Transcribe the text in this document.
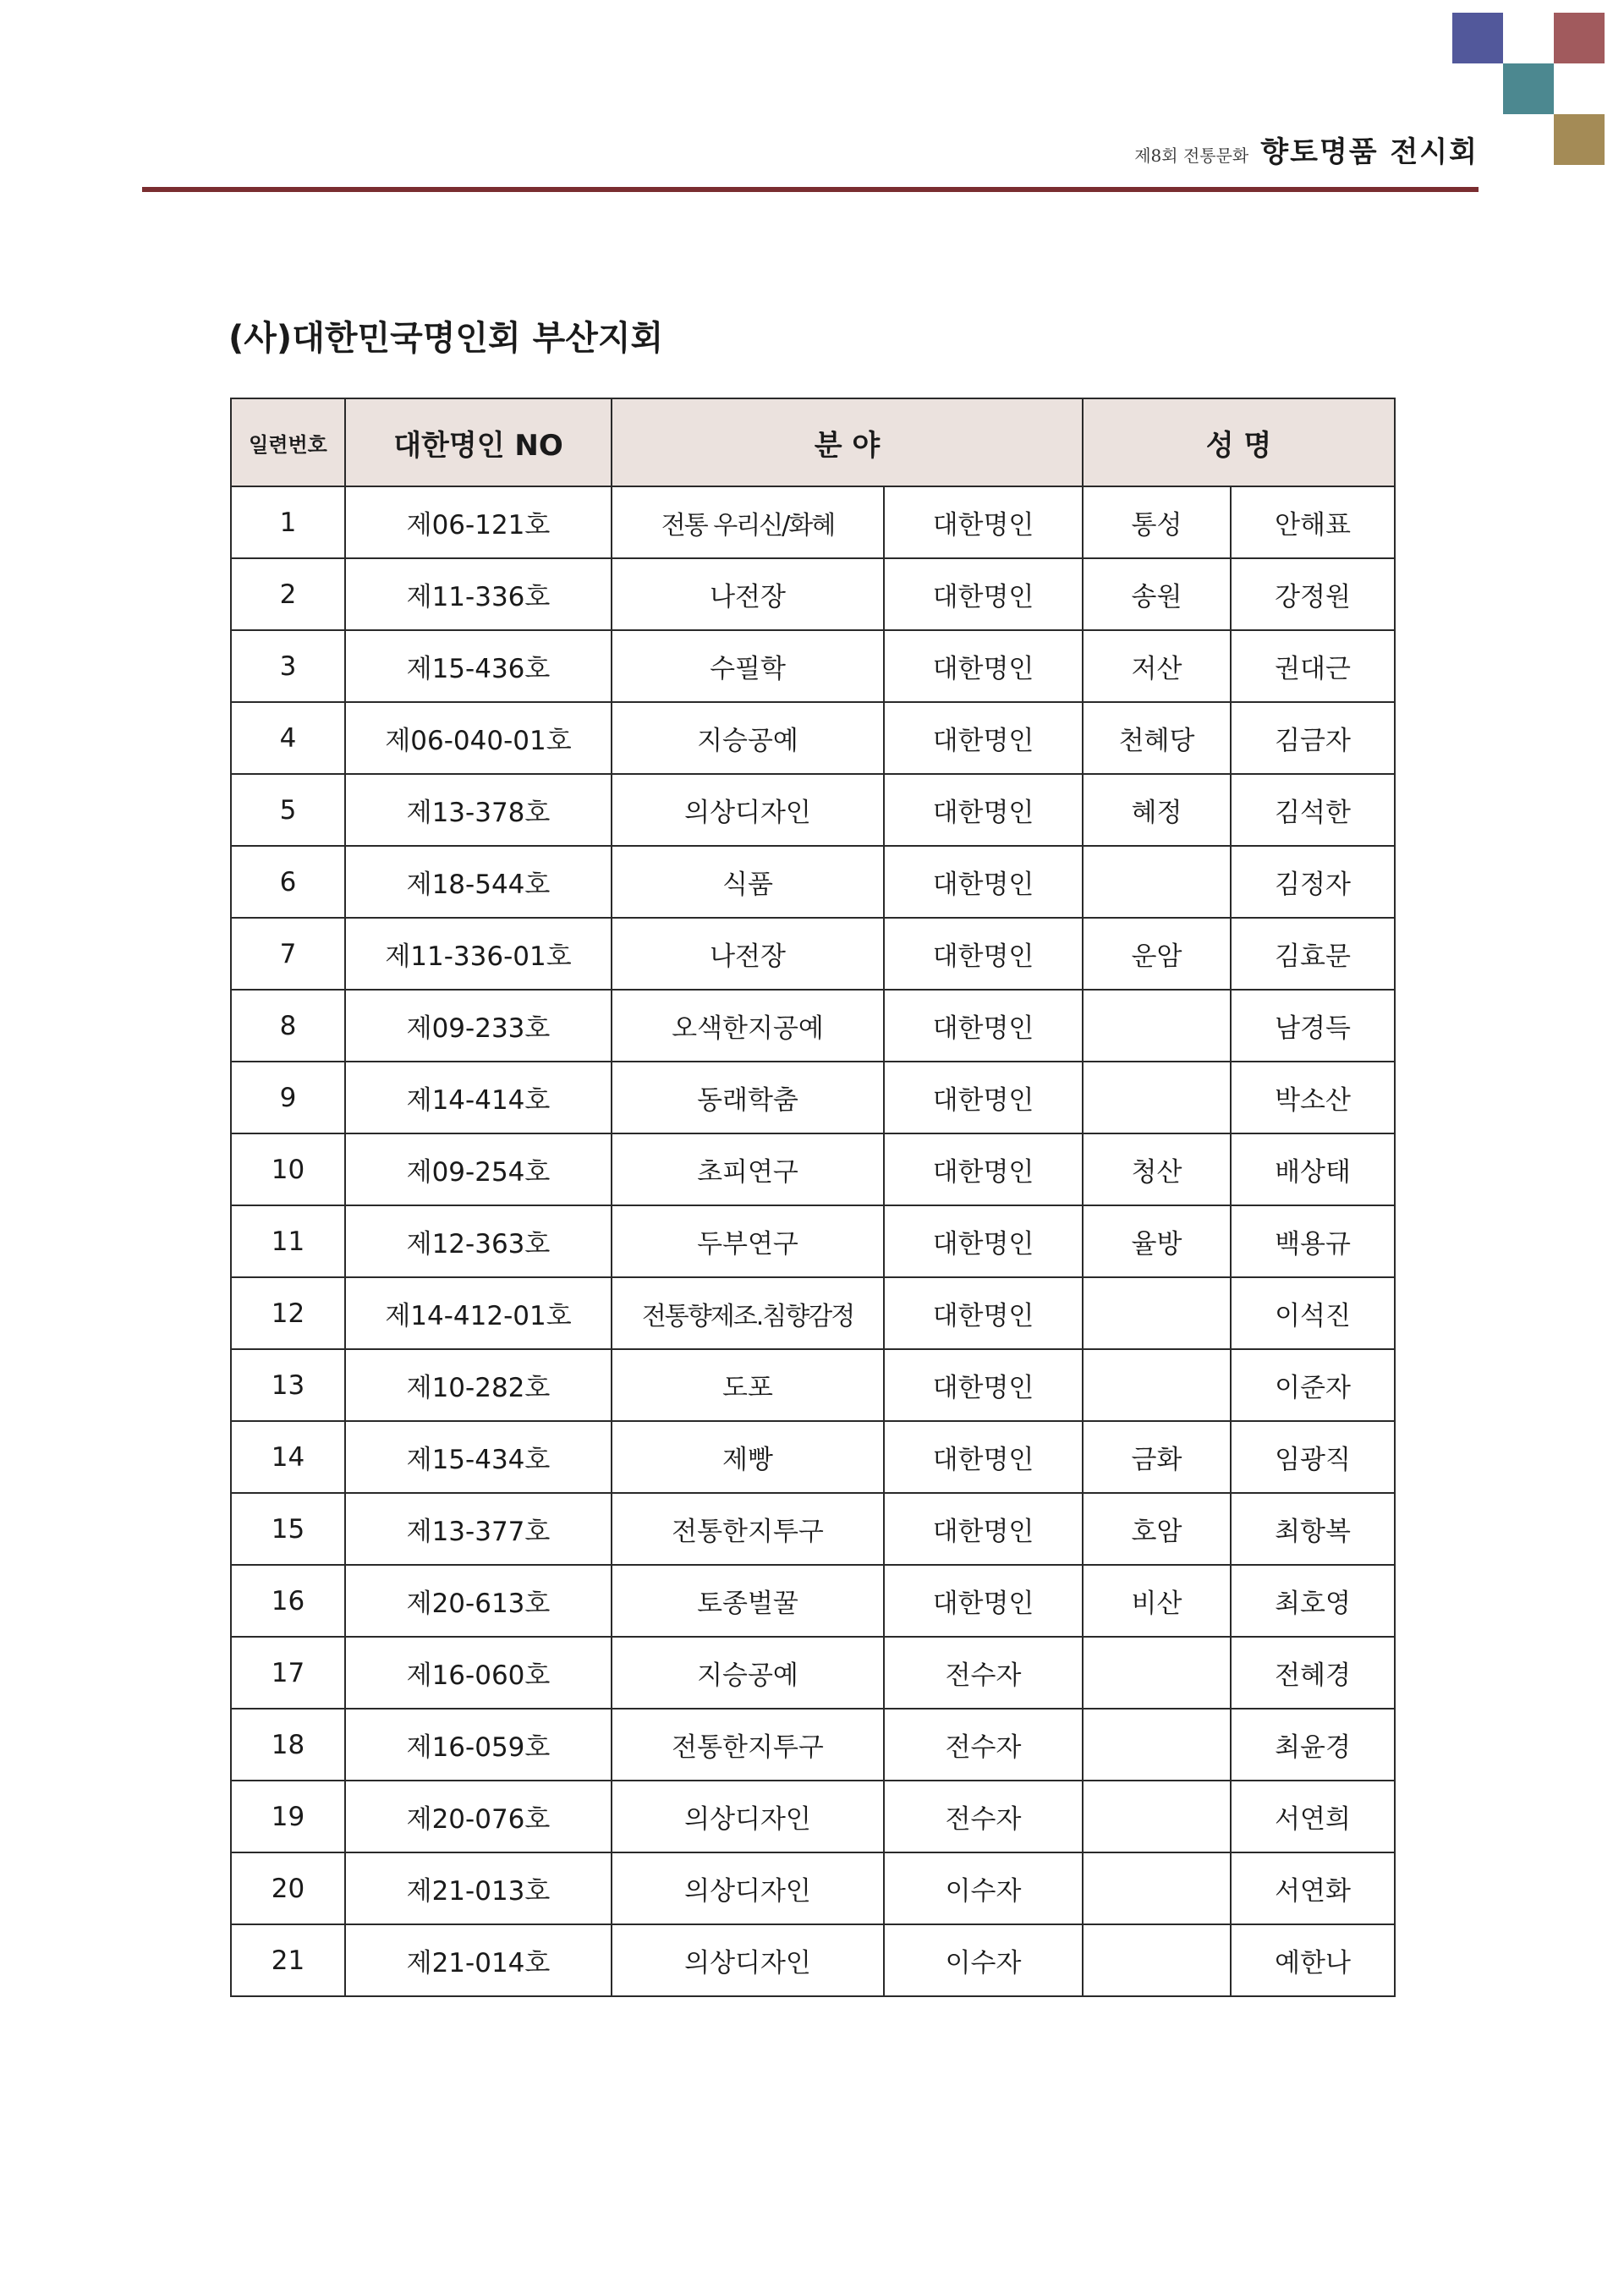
제8회 전통문화 향토명품 전시회
(사)대한민국명인회 부산지회
일련번호	대한명인 NO	분 야		성 명	
1	제06-121호	전통 우리신/화혜	대한명인	통성	안해표
2	제11-336호	나전장	대한명인	송원	강정원
3	제15-436호	수필학	대한명인	저산	권대근
4	제06-040-01호	지승공예	대한명인	천혜당	김금자
5	제13-378호	의상디자인	대한명인	혜정	김석한
6	제18-544호	식품	대한명인		김정자
7	제11-336-01호	나전장	대한명인	운암	김효문
8	제09-233호	오색한지공예	대한명인		남경득
9	제14-414호	동래학춤	대한명인		박소산
10	제09-254호	초피연구	대한명인	청산	배상태
11	제12-363호	두부연구	대한명인	율방	백용규
12	제14-412-01호	전통향제조.침향감정	대한명인		이석진
13	제10-282호	도포	대한명인		이준자
14	제15-434호	제빵	대한명인	금화	임광직
15	제13-377호	전통한지투구	대한명인	호암	최항복
16	제20-613호	토종벌꿀	대한명인	비산	최호영
17	제16-060호	지승공예	전수자		전혜경
18	제16-059호	전통한지투구	전수자		최윤경
19	제20-076호	의상디자인	전수자		서연희
20	제21-013호	의상디자인	이수자		서연화
21	제21-014호	의상디자인	이수자		예한나
